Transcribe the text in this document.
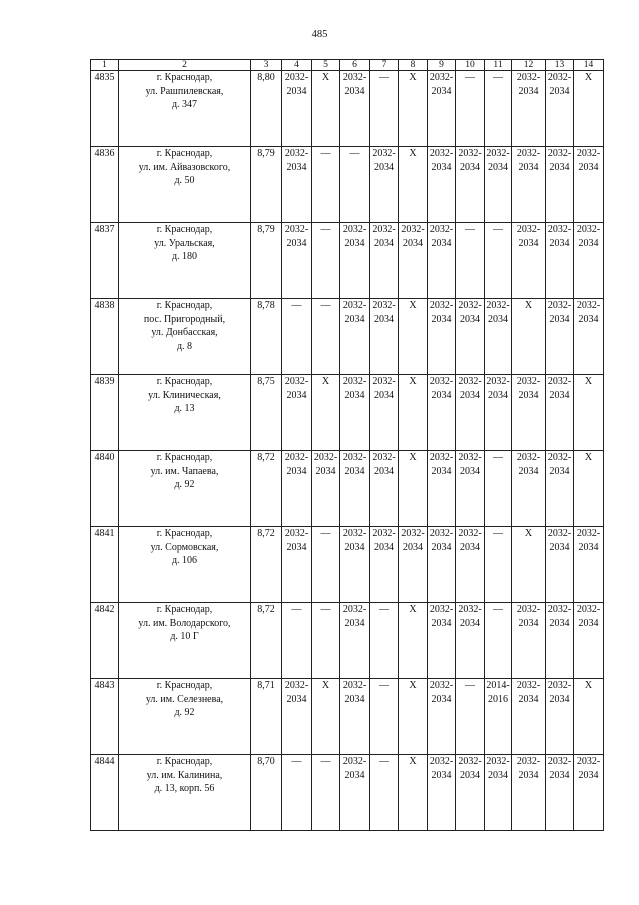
485
1	2	3	4	5	6	7	8	9	10	11	12	13	14
4835	г. Краснодар,
ул. Рашпилевская,
д. 347	8,80	2032-
2034	X	2032-
2034	—	X	2032-
2034	—	—	2032-
2034	2032-
2034	X

4836	г. Краснодар,
ул. им. Айвазовского,
д. 50	8,79	2032-
2034	—	—	2032-
2034	X	2032-
2034	2032-
2034	2032-
2034	2032-
2034	2032-
2034	2032-
2034

4837	г. Краснодар,
ул. Уральская,
д. 180	8,79	2032-
2034	—	2032-
2034	2032-
2034	2032-
2034	2032-
2034	—	—	2032-
2034	2032-
2034	2032-
2034

4838	г. Краснодар,
пос. Пригородный,
ул. Донбасская,
д. 8	8,78	—	—	2032-
2034	2032-
2034	X	2032-
2034	2032-
2034	2032-
2034	X	2032-
2034	2032-
2034

4839	г. Краснодар,
ул. Клиническая,
д. 13	8,75	2032-
2034	X	2032-
2034	2032-
2034	X	2032-
2034	2032-
2034	2032-
2034	2032-
2034	2032-
2034	X

4840	г. Краснодар,
ул. им. Чапаева,
д. 92	8,72	2032-
2034	2032-
2034	2032-
2034	2032-
2034	X	2032-
2034	2032-
2034	—	2032-
2034	2032-
2034	X

4841	г. Краснодар,
ул. Сормовская,
д. 106	8,72	2032-
2034	—	2032-
2034	2032-
2034	2032-
2034	2032-
2034	2032-
2034	—	X	2032-
2034	2032-
2034

4842	г. Краснодар,
ул. им. Володарского,
д. 10 Г	8,72	—	—	2032-
2034	—	X	2032-
2034	2032-
2034	—	2032-
2034	2032-
2034	2032-
2034

4843	г. Краснодар,
ул. им. Селезнева,
д. 92	8,71	2032-
2034	X	2032-
2034	—	X	2032-
2034	—	2014-
2016	2032-
2034	2032-
2034	X

4844	г. Краснодар,
ул. им. Калинина,
д. 13, корп. 56	8,70	—	—	2032-
2034	—	X	2032-
2034	2032-
2034	2032-
2034	2032-
2034	2032-
2034	2032-
2034
